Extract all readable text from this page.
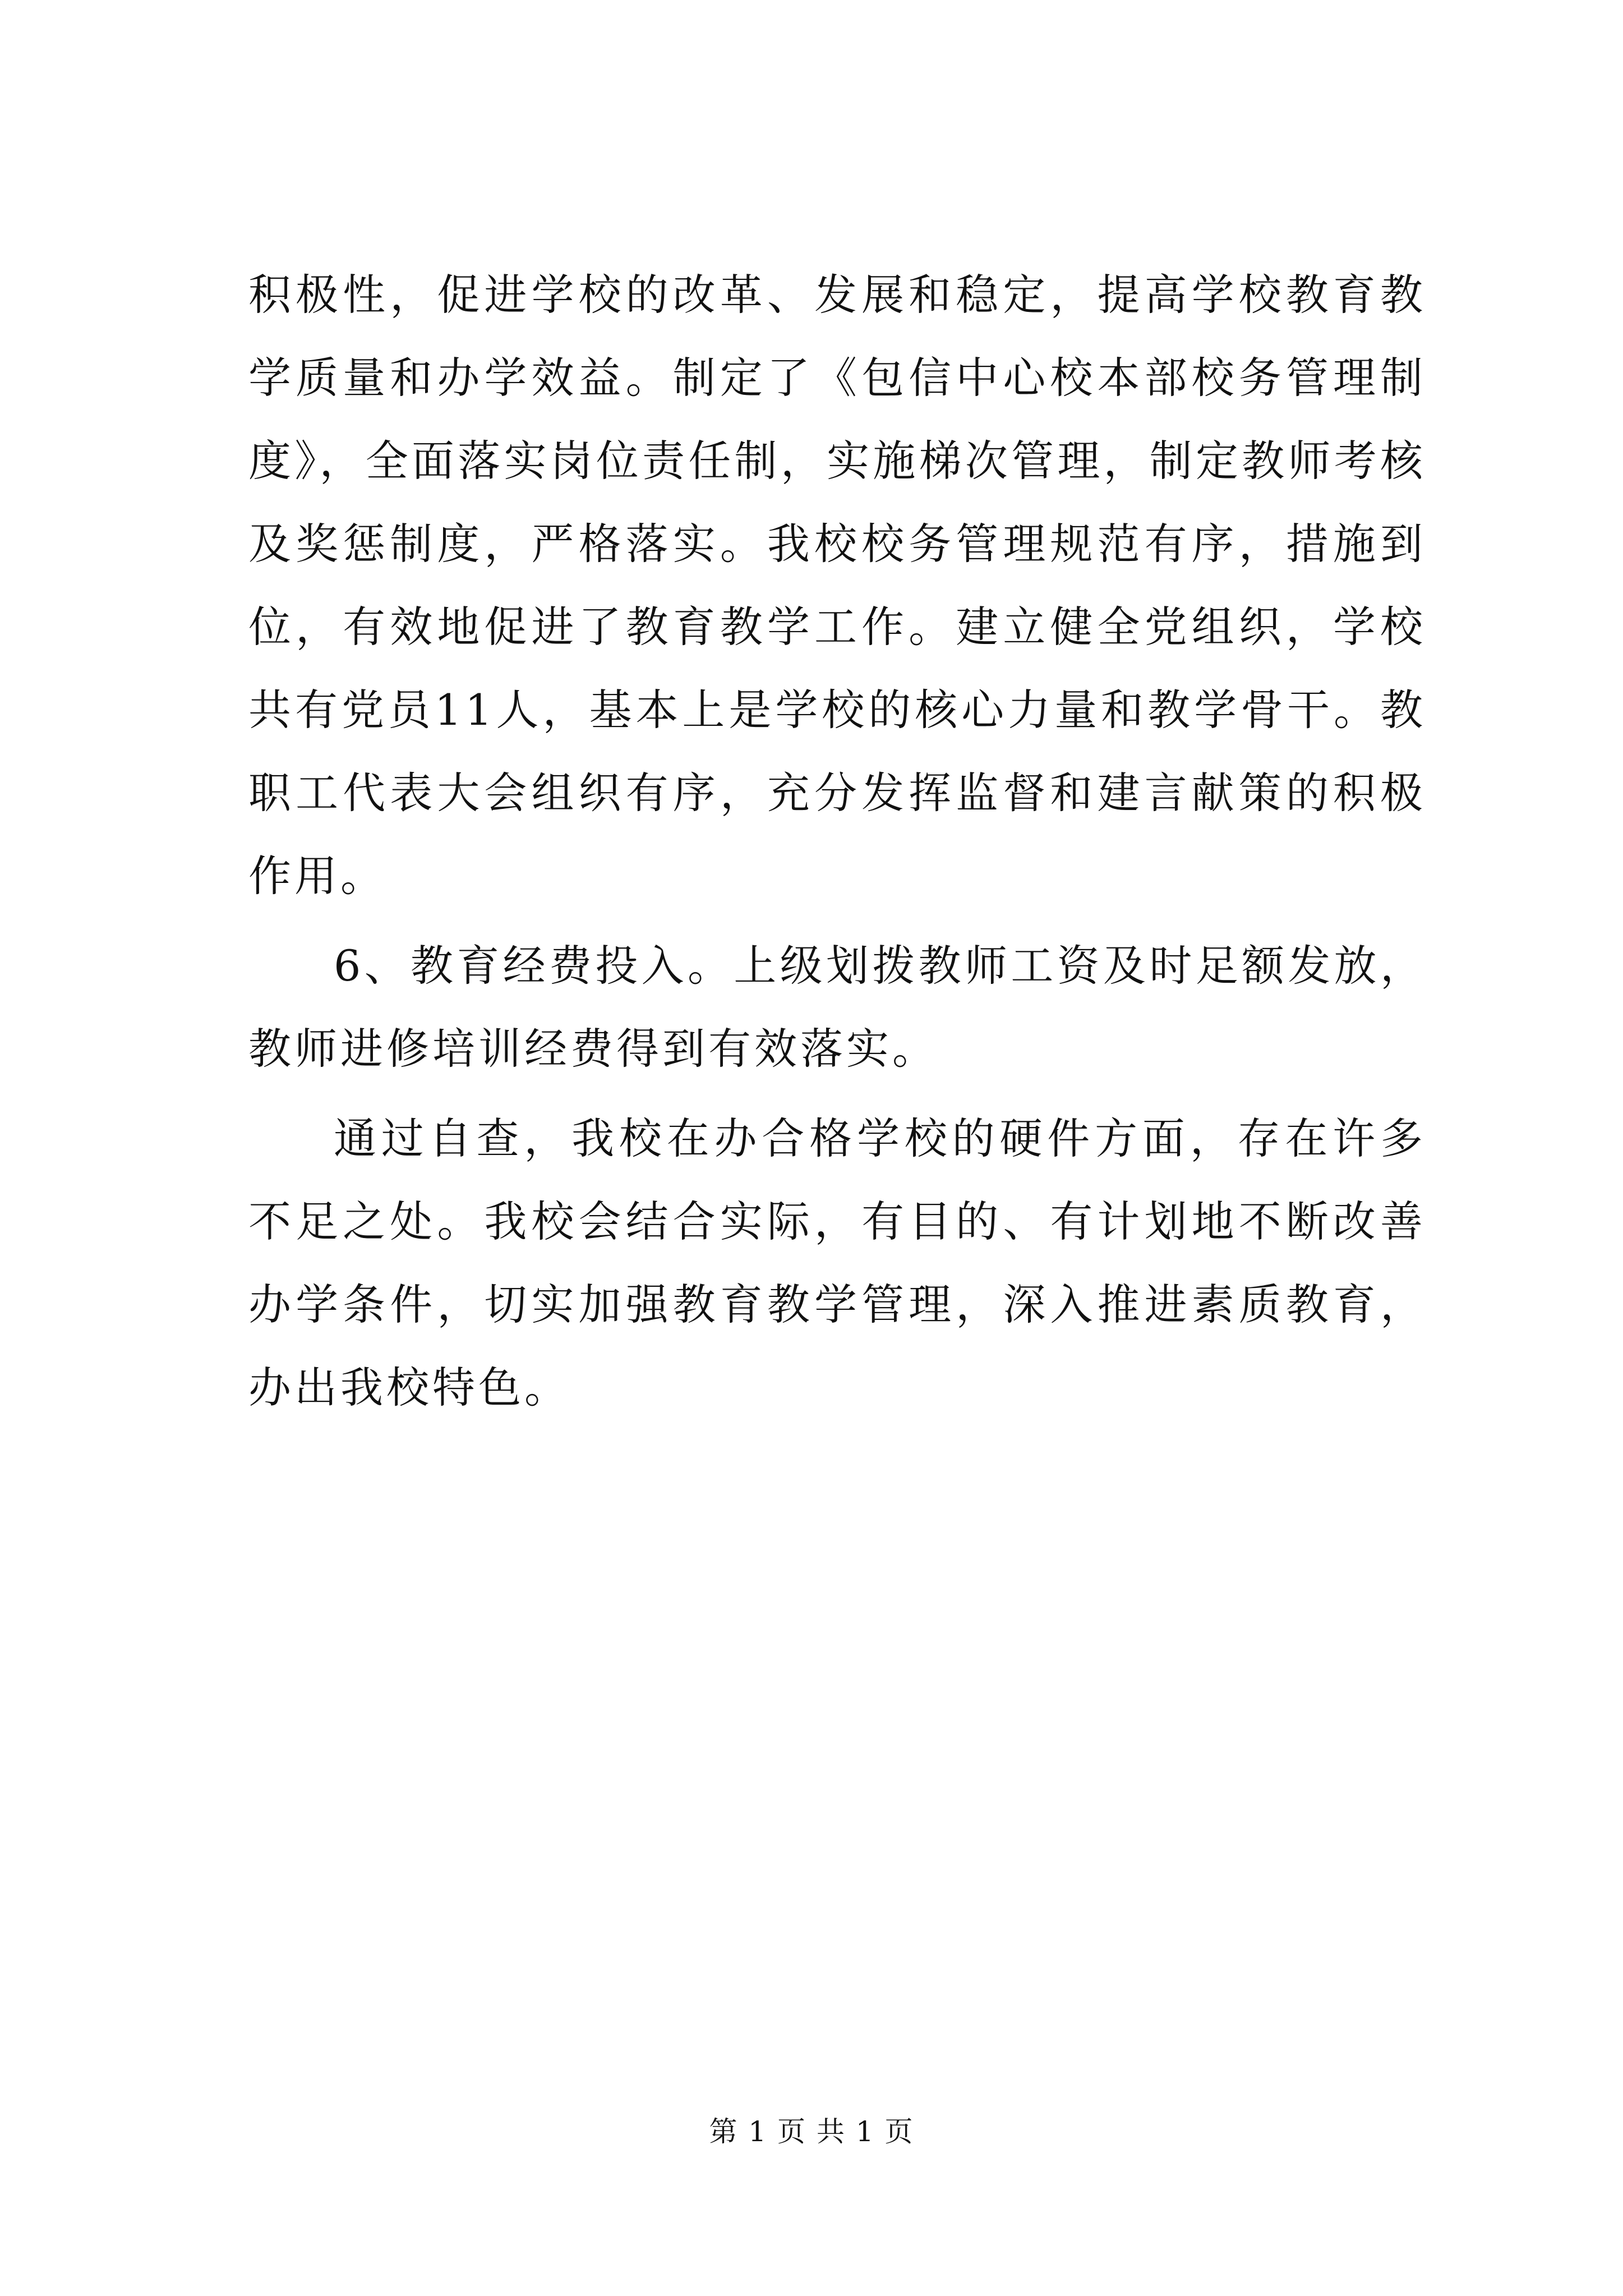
积极性，促进学校的改革、发展和稳定，提高学校教育教学质量和办学效益。制定了《包信中心校本部校务管理制度》，全面落实岗位责任制，实施梯次管理，制定教师考核及奖惩制度，严格落实。我校校务管理规范有序，措施到位，有效地促进了教育教学工作。建立健全党组织，学校共有党员11人，基本上是学校的核心力量和教学骨干。教职工代表大会组织有序，充分发挥监督和建言献策的积极作用。

6、教育经费投入。上级划拨教师工资及时足额发放，教师进修培训经费得到有效落实。

通过自查，我校在办合格学校的硬件方面，存在许多不足之处。我校会结合实际，有目的、有计划地不断改善办学条件，切实加强教育教学管理，深入推进素质教育，办出我校特色。

第 1 页 共 1 页
